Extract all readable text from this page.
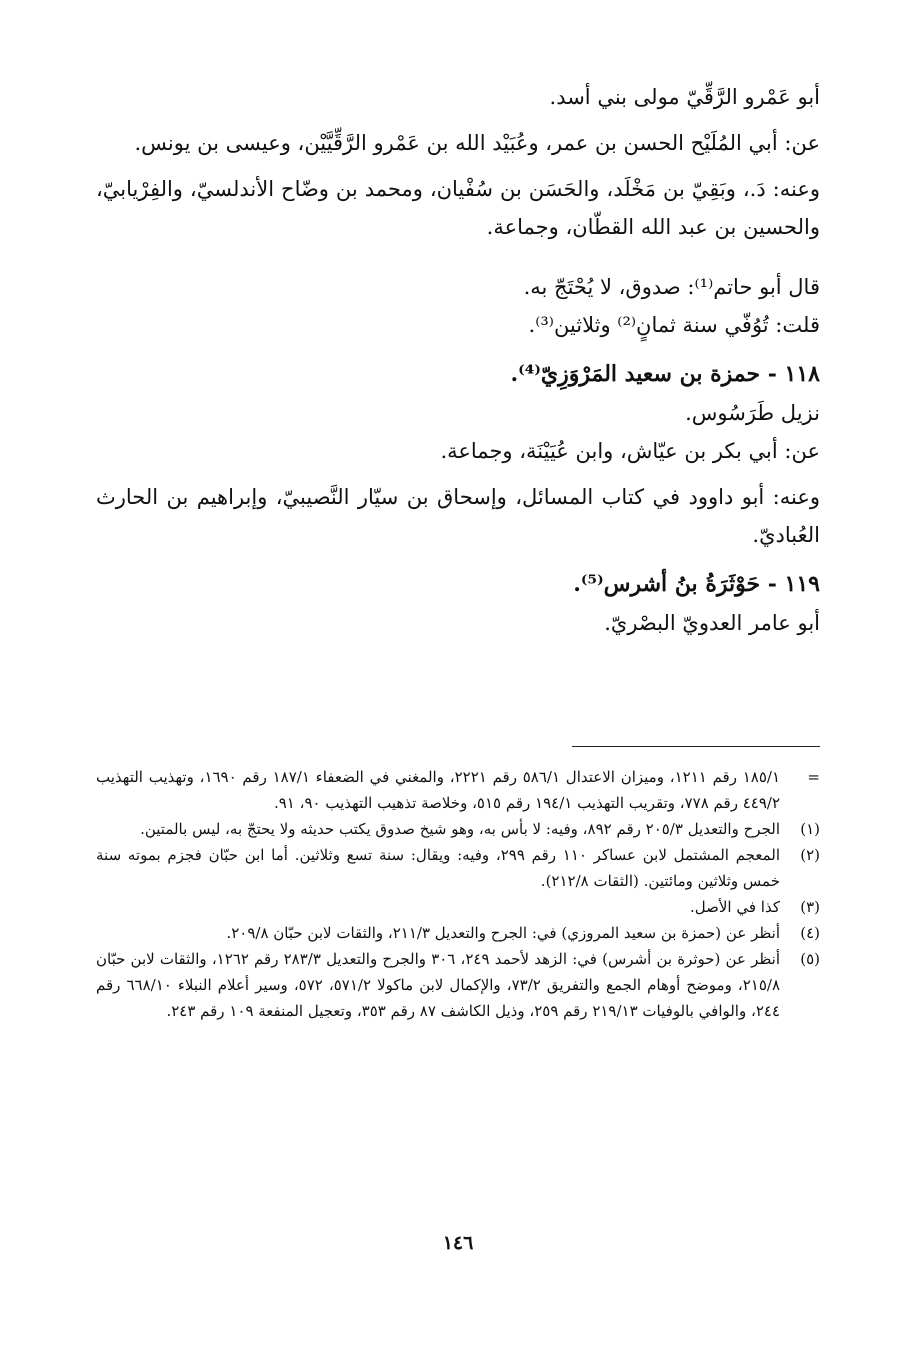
أبو عَمْرو الرَّقِّيّ مولى بني أسد.

عن: أبي المُلَيْح الحسن بن عمر، وعُبَيْد الله بن عَمْرو الرَّقِّيَّيْن، وعيسى بن يونس.

وعنه: دَ.، وبَقِيّ بن مَخْلَد، والحَسَن بن سُفْيان، ومحمد بن وضّاح الأندلسيّ، والفِرْيابيّ، والحسين بن عبد الله القطّان، وجماعة.

قال أبو حاتم⁽¹⁾: صدوق، لا يُحْتَجّ به.

قلت: تُوُفّي سنة ثمانٍ⁽²⁾ وثلاثين⁽³⁾.

١١٨ - حمزة بن سعيد المَرْوَزِيّ⁽⁴⁾.

نزيل طَرَسُوس.

عن: أبي بكر بن عيّاش، وابن عُيَيْنَة، وجماعة.

وعنه: أبو داوود في كتاب المسائل، وإسحاق بن سيّار النَّصيبيّ، وإبراهيم بن الحارث العُباديّ.

١١٩ - حَوْثَرَةُ بنُ أشرس⁽⁵⁾.

أبو عامر العدويّ البصْريّ.

=
١٨٥/١ رقم ١٢١١، وميزان الاعتدال ٥٨٦/١ رقم ٢٢٢١، والمغني في الضعفاء ١٨٧/١ رقم ١٦٩٠، وتهذيب التهذيب ٤٤٩/٢ رقم ٧٧٨، وتقريب التهذيب ١٩٤/١ رقم ٥١٥، وخلاصة تذهيب التهذيب ٩٠، ٩١.
(١)
الجرح والتعديل ٢٠٥/٣ رقم ٨٩٢، وفيه: لا بأس به، وهو شيخ صدوق يكتب حديثه ولا يحتجّ به، ليس بالمتين.
(٢)
المعجم المشتمل لابن عساكر ١١٠ رقم ٢٩٩، وفيه: ويقال: سنة تسع وثلاثين. أما ابن حبّان فجزم بموته سنة خمس وثلاثين ومائتين. (الثقات ٢١٢/٨).
(٣)
كذا في الأصل.
(٤)
أنظر عن (حمزة بن سعيد المروزي) في: الجرح والتعديل ٢١١/٣، والثقات لابن حبّان ٢٠٩/٨.
(٥)
أنظر عن (حوثرة بن أشرس) في: الزهد لأحمد ٢٤٩، ٣٠٦ والجرح والتعديل ٢٨٣/٣ رقم ١٢٦٢، والثقات لابن حبّان ٢١٥/٨، وموضح أوهام الجمع والتفريق ٧٣/٢، والإكمال لابن ماكولا ٥٧١/٢، ٥٧٢، وسير أعلام النبلاء ٦٦٨/١٠ رقم ٢٤٤، والوافي بالوفيات ٢١٩/١٣ رقم ٢٥٩، وذيل الكاشف ٨٧ رقم ٣٥٣، وتعجيل المنفعة ١٠٩ رقم ٢٤٣.
١٤٦
